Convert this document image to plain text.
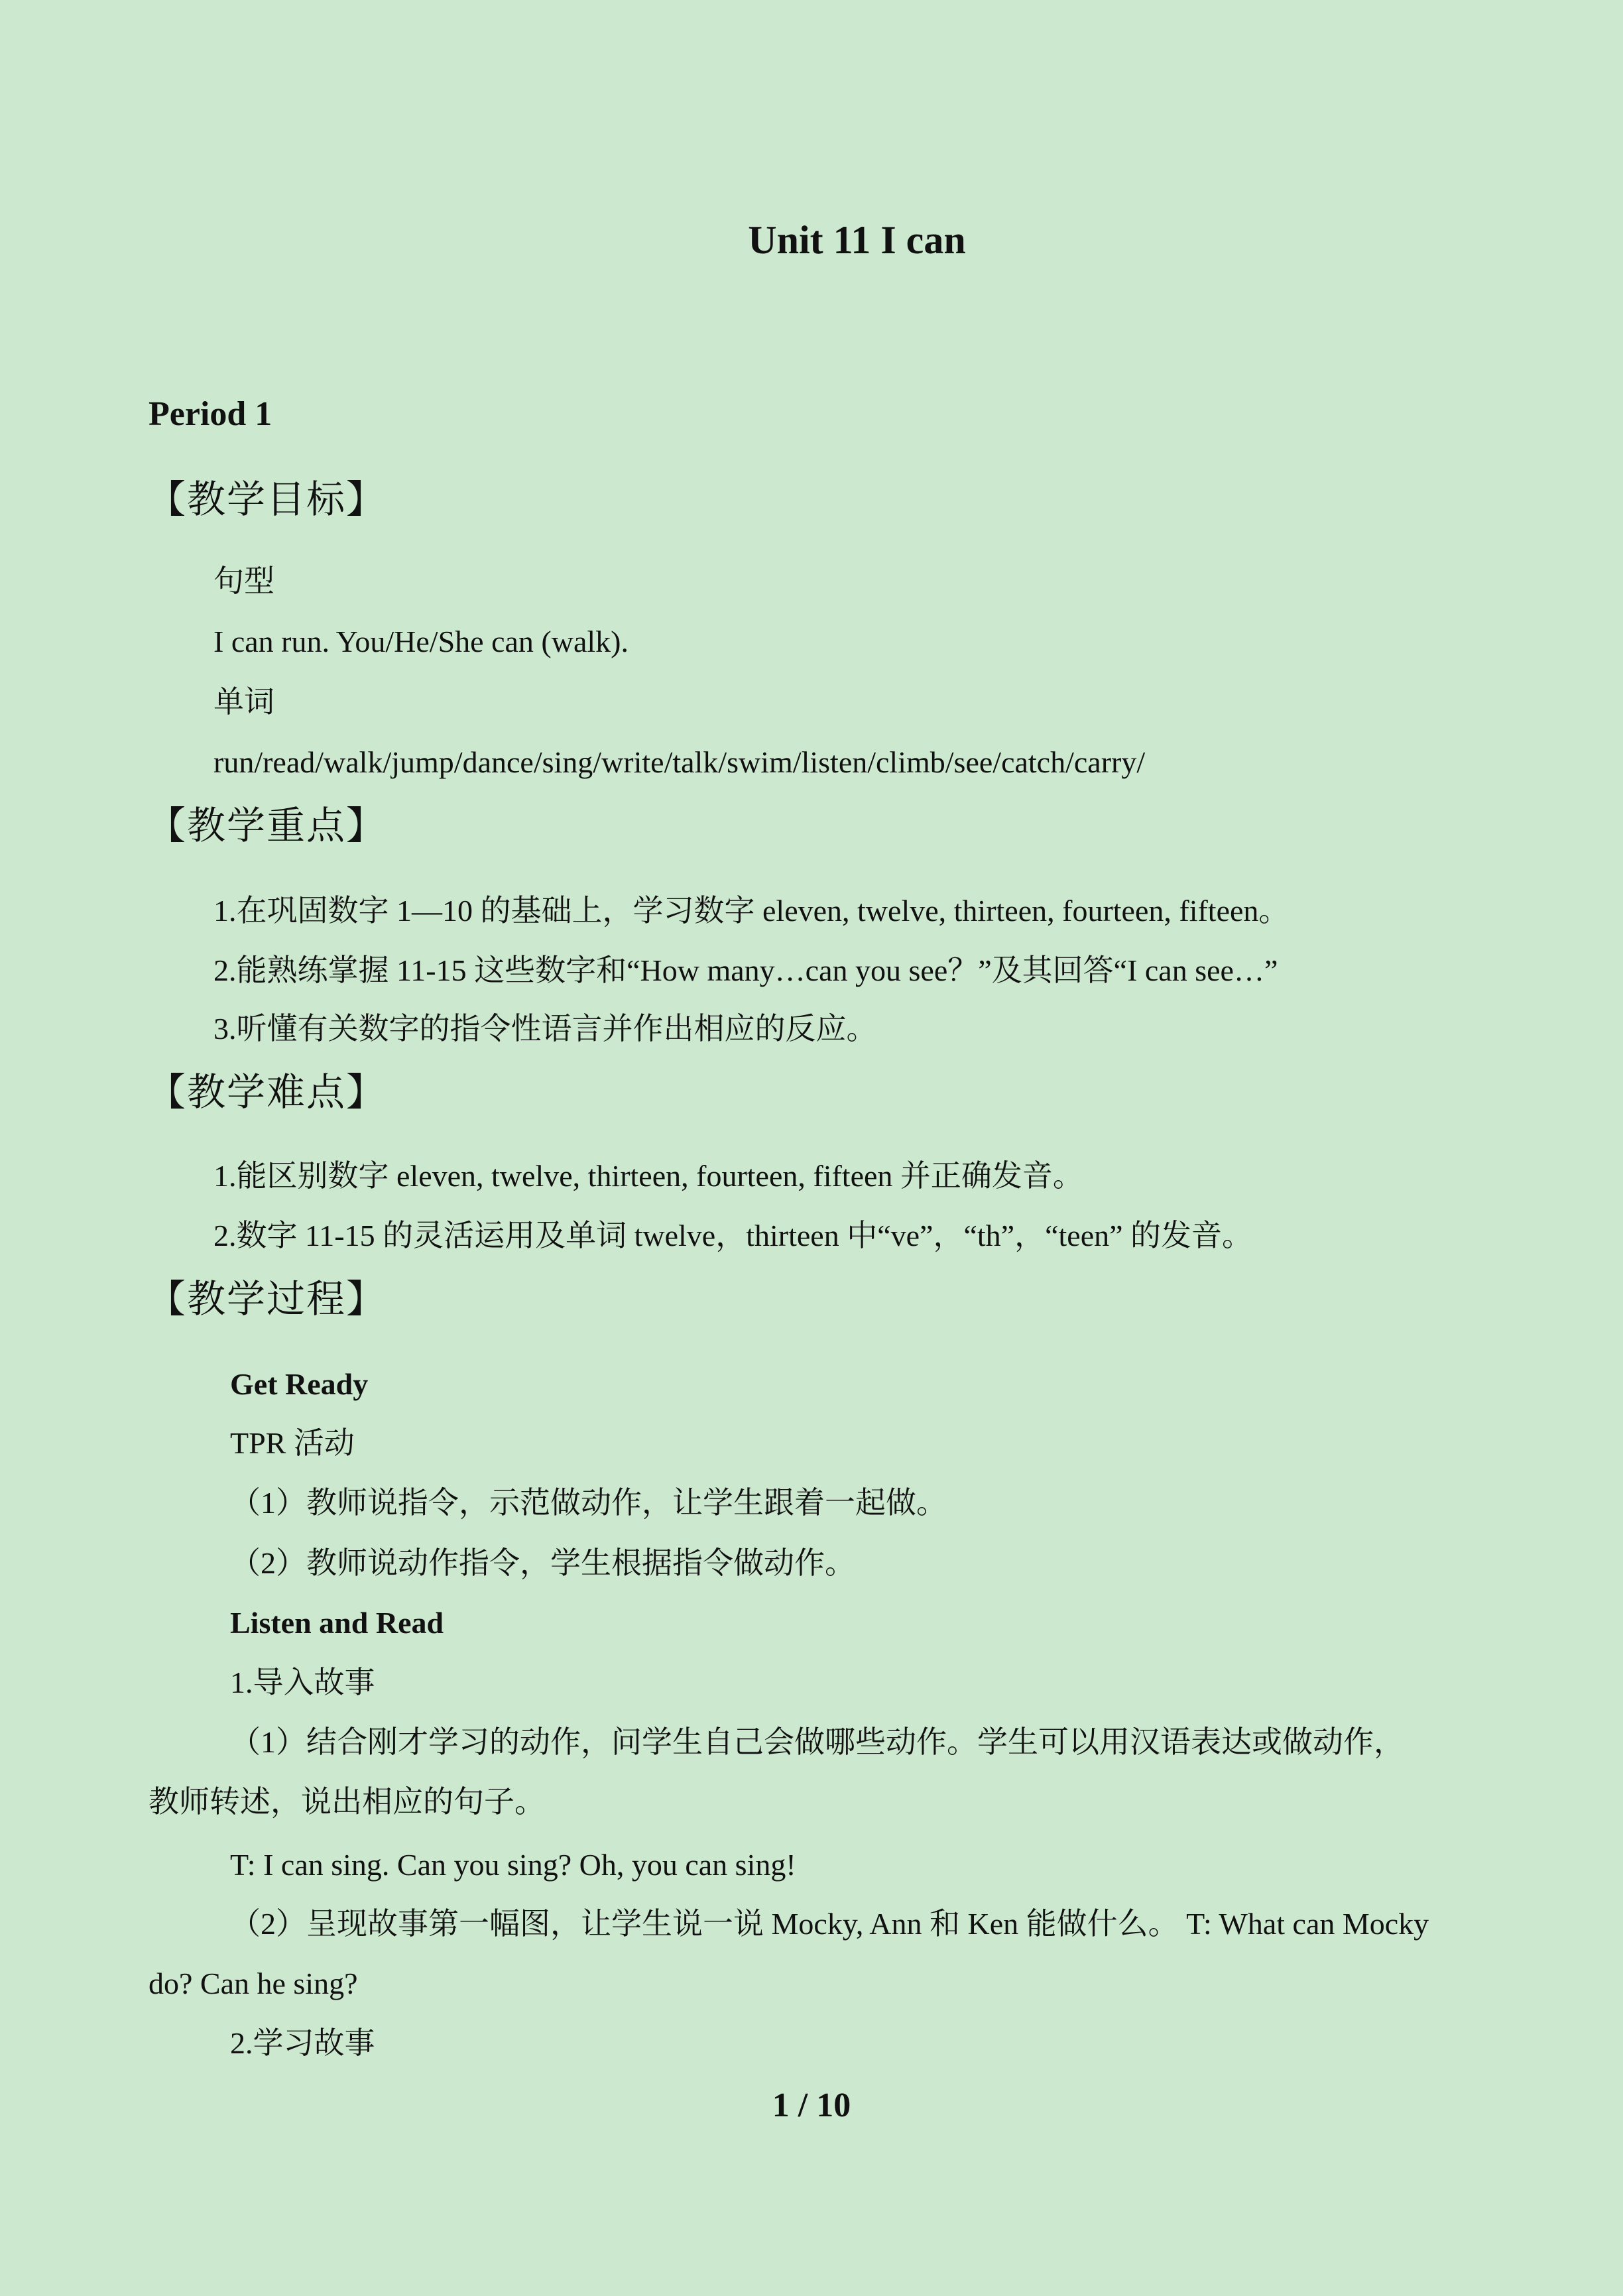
Unit 11 I can
Period 1
【教学目标】
句型
I can run. You/He/She can (walk).
单词
run/read/walk/jump/dance/sing/write/talk/swim/listen/climb/see/catch/carry/
【教学重点】
1.在巩固数字 1—10 的基础上，学习数字 eleven, twelve, thirteen, fourteen, fifteen。
2.能熟练掌握 11-15 这些数字和“How many…can you see？”及其回答“I can see…”
3.听懂有关数字的指令性语言并作出相应的反应。
【教学难点】
1.能区别数字 eleven, twelve, thirteen, fourteen, fifteen 并正确发音。
2.数字 11-15 的灵活运用及单词 twelve，thirteen 中“ve”，“th”，“teen” 的发音。
【教学过程】
Get Ready
TPR 活动
（1）教师说指令，示范做动作，让学生跟着一起做。
（2）教师说动作指令，学生根据指令做动作。
Listen and Read
1.导入故事
（1）结合刚才学习的动作，问学生自己会做哪些动作。学生可以用汉语表达或做动作，
教师转述，说出相应的句子。
T: I can sing. Can you sing? Oh, you can sing!
（2）呈现故事第一幅图，让学生说一说 Mocky, Ann 和 Ken 能做什么。 T: What can Mocky
do? Can he sing?
2.学习故事
1 / 10
